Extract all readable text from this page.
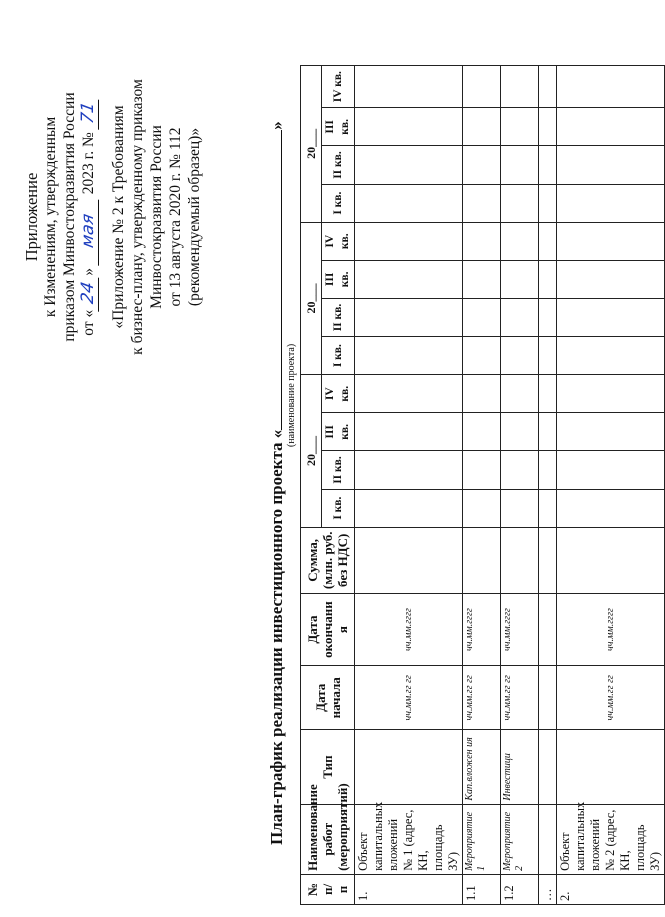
Приложение к Изменениям, утвержденным приказом Минвостокразвития России от «24» мая 2023 г. № 71 «Приложение № 2 к Требованиям к бизнес-плану, утвержденному приказом Минвостокразвития России от 13 августа 2020 г. № 112 (рекомендуемый образец)»
План-график реализации инвестиционного проекта «»
(наименование проекта)
№ п/ п	Наименование работ (мероприятий)	Тип	Дата начала	Дата окончани я	Сумма, (млн. руб. без НДС)	20___				20___				20___			
						I кв.	II кв.	III кв.	IV кв.	I кв.	II кв.	III кв.	IV кв.	I кв.	II кв.	III кв.	IV кв.
1.	Объект капитальных вложений № 1 (адрес, КН, площадь ЗУ)		чч.мм.гг гг	чч.мм.гггг													
1.1	Мероприятие 1	Кап.вложен ия	чч.мм.гг гг	чч.мм.гггг													
1.2	Мероприятие 2	Инвестици	чч.мм.гг гг	чч.мм.гггг													
…																	
2.	Объект капитальных вложений № 2 (адрес, КН, площадь ЗУ)		чч.мм.гг гг	чч.мм.гггг													
